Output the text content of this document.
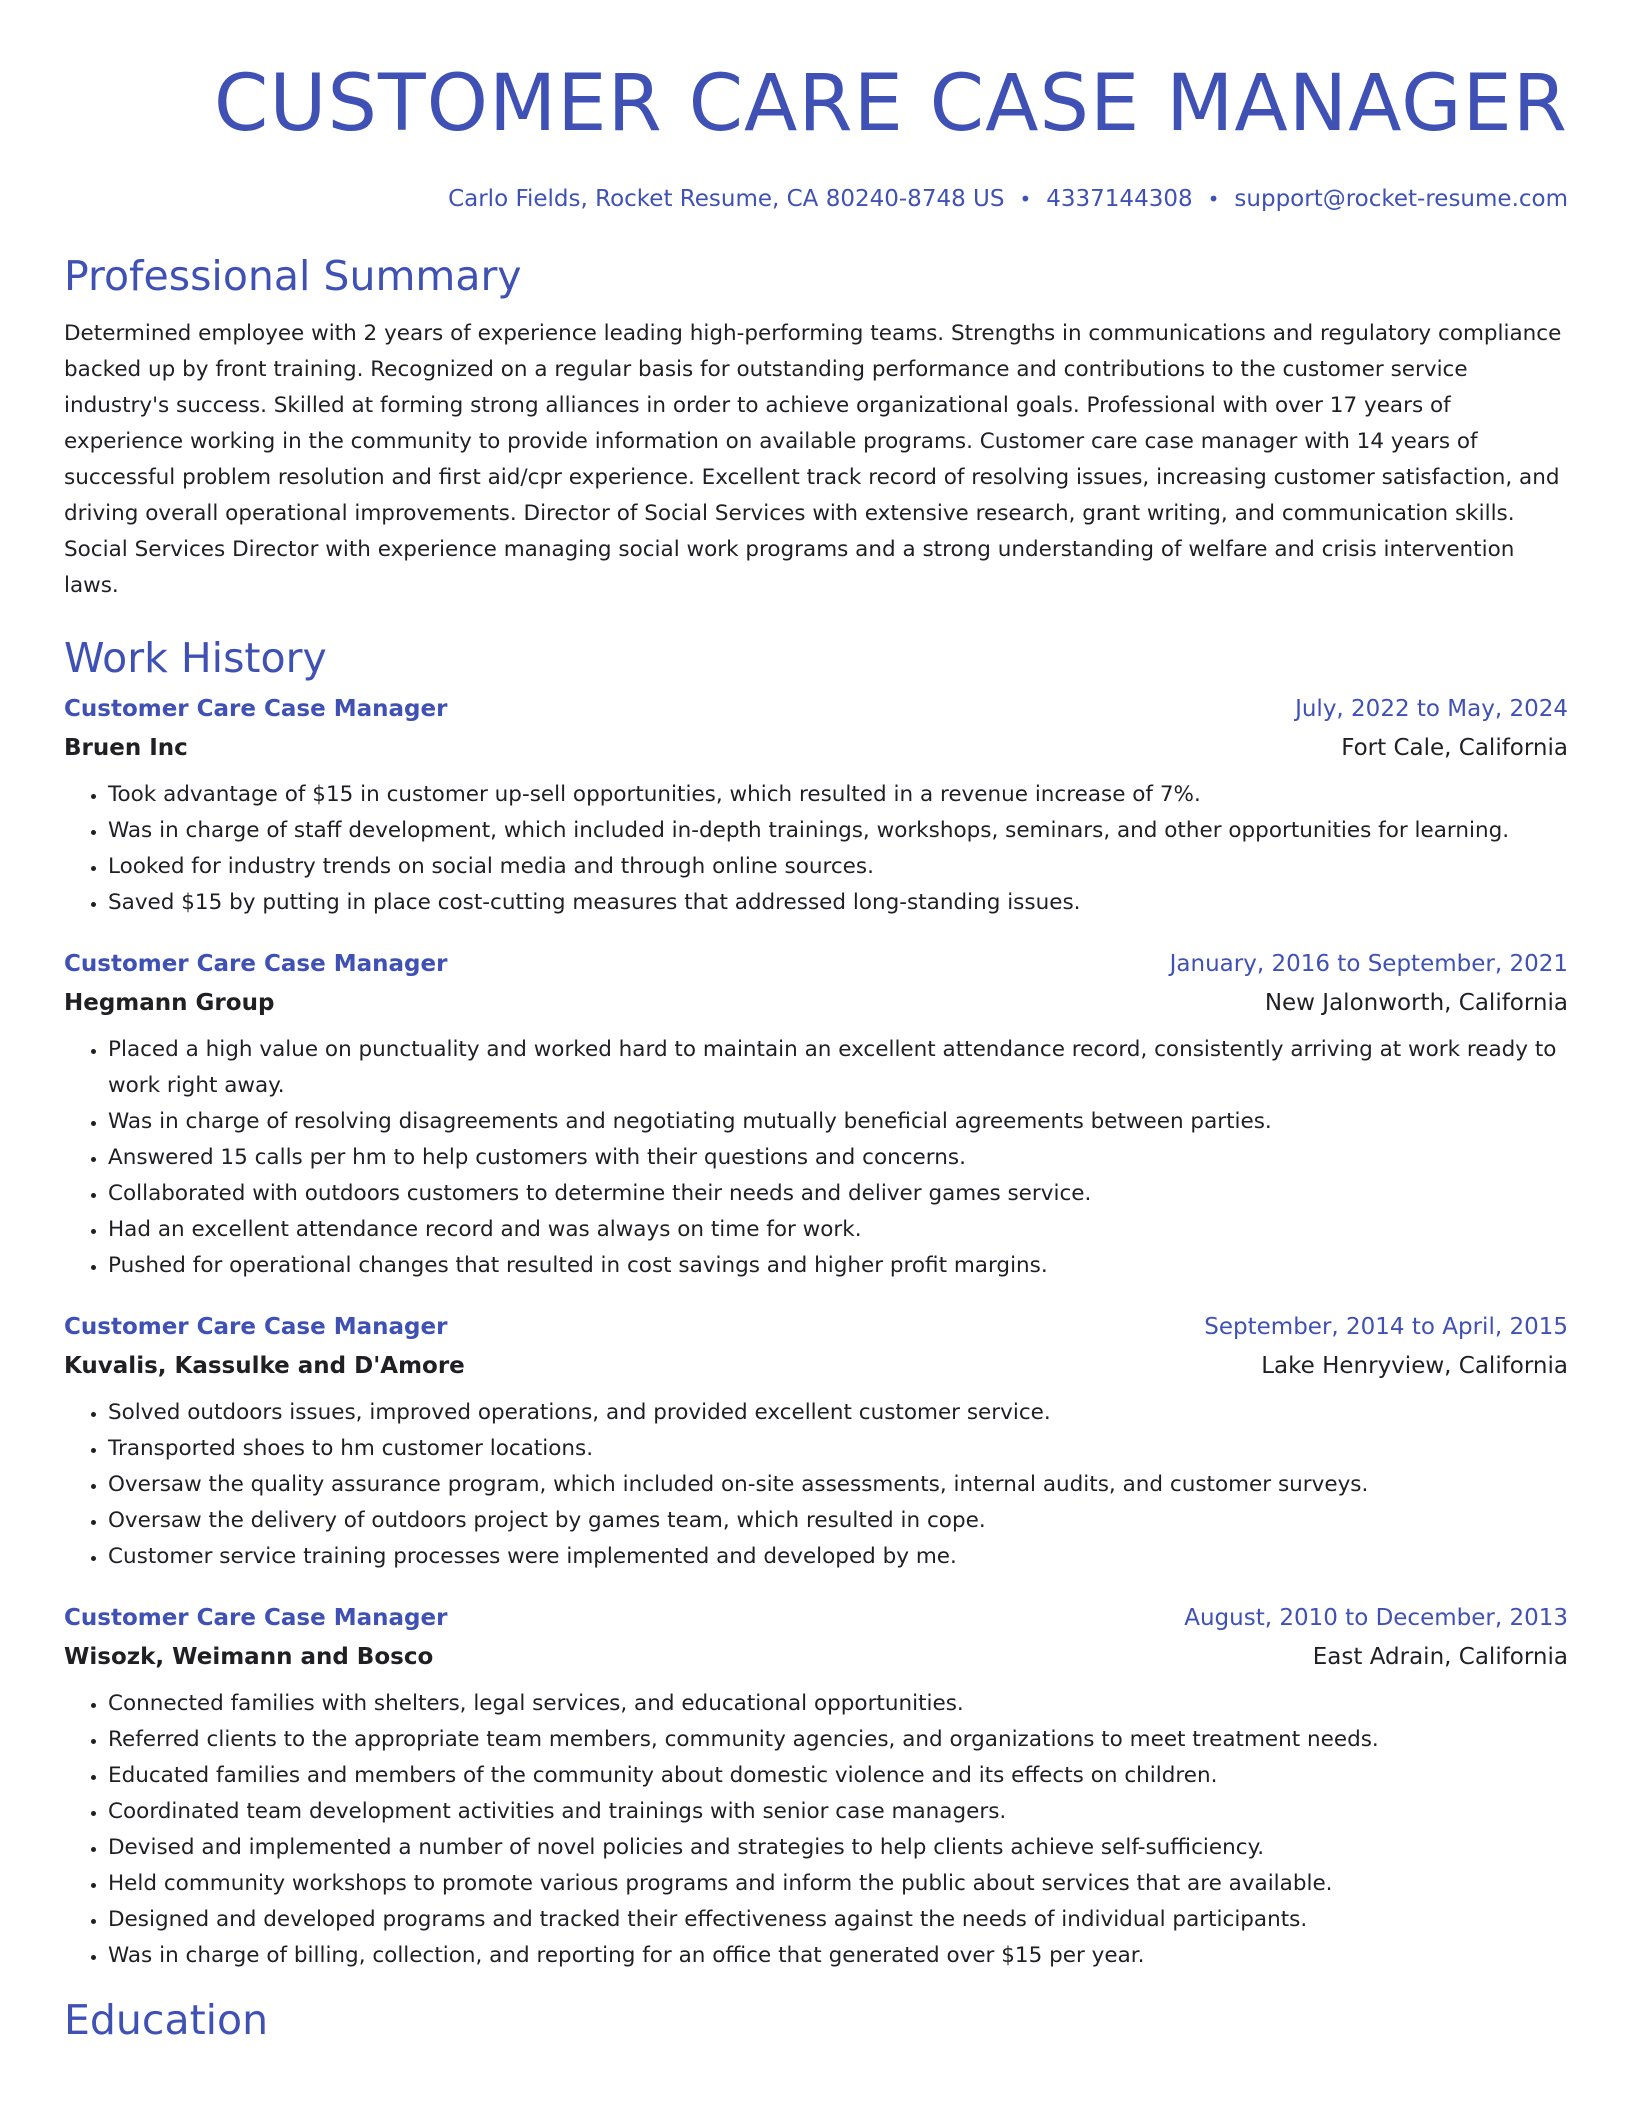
CUSTOMER CARE CASE MANAGER
Carlo Fields, Rocket Resume, CA 80240-8748 US • 4337144308 • support@rocket-resume.com
Professional Summary

Determined employee with 2 years of experience leading high-performing teams. Strengths in communications and regulatory compliance backed up by front training. Recognized on a regular basis for outstanding performance and contributions to the customer service industry's success. Skilled at forming strong alliances in order to achieve organizational goals. Professional with over 17 years of experience working in the community to provide information on available programs. Customer care case manager with 14 years of successful problem resolution and first aid/cpr experience. Excellent track record of resolving issues, increasing customer satisfaction, and driving overall operational improvements. Director of Social Services with extensive research, grant writing, and communication skills. Social Services Director with experience managing social work programs and a strong understanding of welfare and crisis intervention laws.

Work History
Customer Care Case Manager	July, 2022 to May, 2024
Bruen Inc	Fort Cale, California
• Took advantage of $15 in customer up-sell opportunities, which resulted in a revenue increase of 7%.
• Was in charge of staff development, which included in-depth trainings, workshops, seminars, and other opportunities for learning.
• Looked for industry trends on social media and through online sources.
• Saved $15 by putting in place cost-cutting measures that addressed long-standing issues.
Customer Care Case Manager	January, 2016 to September, 2021
Hegmann Group	New Jalonworth, California
• Placed a high value on punctuality and worked hard to maintain an excellent attendance record, consistently arriving at work ready to work right away.
• Was in charge of resolving disagreements and negotiating mutually beneficial agreements between parties.
• Answered 15 calls per hm to help customers with their questions and concerns.
• Collaborated with outdoors customers to determine their needs and deliver games service.
• Had an excellent attendance record and was always on time for work.
• Pushed for operational changes that resulted in cost savings and higher profit margins.
Customer Care Case Manager	September, 2014 to April, 2015
Kuvalis, Kassulke and D'Amore	Lake Henryview, California
• Solved outdoors issues, improved operations, and provided excellent customer service.
• Transported shoes to hm customer locations.
• Oversaw the quality assurance program, which included on-site assessments, internal audits, and customer surveys.
• Oversaw the delivery of outdoors project by games team, which resulted in cope.
• Customer service training processes were implemented and developed by me.
Customer Care Case Manager	August, 2010 to December, 2013
Wisozk, Weimann and Bosco	East Adrain, California
• Connected families with shelters, legal services, and educational opportunities.
• Referred clients to the appropriate team members, community agencies, and organizations to meet treatment needs.
• Educated families and members of the community about domestic violence and its effects on children.
• Coordinated team development activities and trainings with senior case managers.
• Devised and implemented a number of novel policies and strategies to help clients achieve self-sufficiency.
• Held community workshops to promote various programs and inform the public about services that are available.
• Designed and developed programs and tracked their effectiveness against the needs of individual participants.
• Was in charge of billing, collection, and reporting for an office that generated over $15 per year.
Education
